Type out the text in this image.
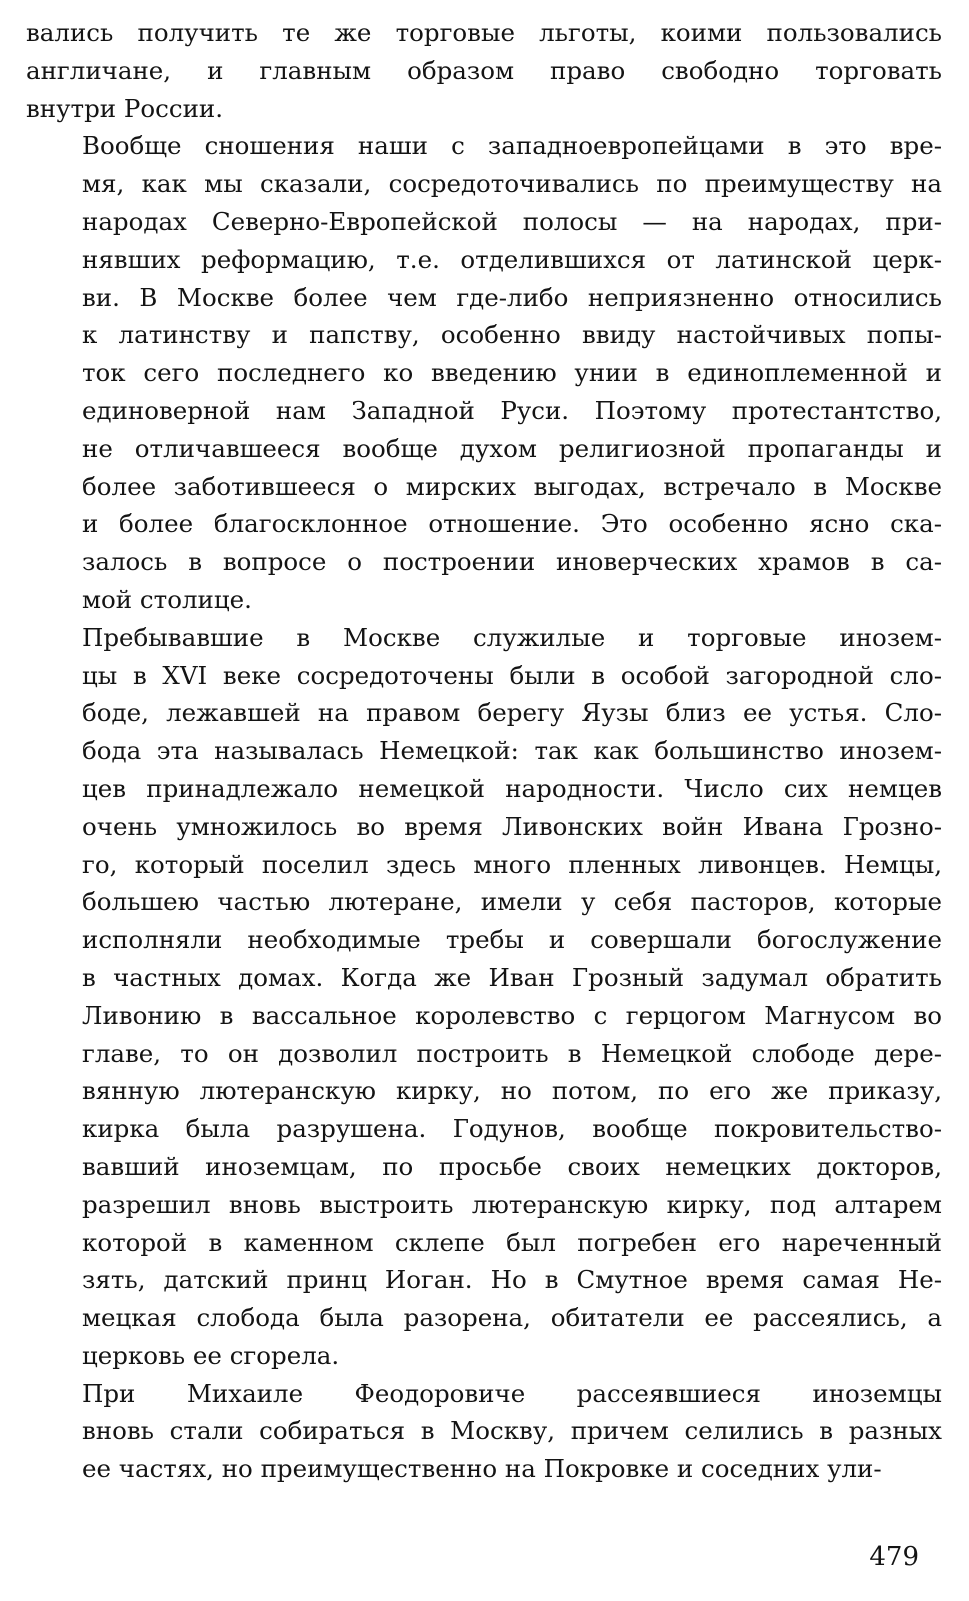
вались получить те же торговые льготы, коими пользовались
англичане, и главным образом право свободно торговать
внутри России.

Вообще сношения наши с западноевропейцами в это вре-
мя, как мы сказали, сосредоточивались по преимуществу на
народах Северно-Европейской полосы — на народах, при-
нявших реформацию, т.е. отделившихся от латинской церк-
ви. В Москве более чем где-либо неприязненно относились
к латинству и папству, особенно ввиду настойчивых попы-
ток сего последнего ко введению унии в единоплеменной и
единоверной нам Западной Руси. Поэтому протестантство,
не отличавшееся вообще духом религиозной пропаганды и
более заботившееся о мирских выгодах, встречало в Москве
и более благосклонное отношение. Это особенно ясно ска-
залось в вопросе о построении иноверческих храмов в са-
мой столице.

Пребывавшие в Москве служилые и торговые инозем-
цы в XVI веке сосредоточены были в особой загородной сло-
боде, лежавшей на правом берегу Яузы близ ее устья. Сло-
бода эта называлась Немецкой: так как большинство инозем-
цев принадлежало немецкой народности. Число сих немцев
очень умножилось во время Ливонских войн Ивана Грозно-
го, который поселил здесь много пленных ливонцев. Немцы,
большею частью лютеране, имели у себя пасторов, которые
исполняли необходимые требы и совершали богослужение
в частных домах. Когда же Иван Грозный задумал обратить
Ливонию в вассальное королевство с герцогом Магнусом во
главе, то он дозволил построить в Немецкой слободе дере-
вянную лютеранскую кирку, но потом, по его же приказу,
кирка была разрушена. Годунов, вообще покровительство-
вавший иноземцам, по просьбе своих немецких докторов,
разрешил вновь выстроить лютеранскую кирку, под алтарем
которой в каменном склепе был погребен его нареченный
зять, датский принц Иоган. Но в Смутное время самая Не-
мецкая слобода была разорена, обитатели ее рассеялись, а
церковь ее сгорела.

При Михаиле Феодоровиче рассеявшиеся иноземцы
вновь стали собираться в Москву, причем селились в разных
ее частях, но преимущественно на Покровке и соседних ули-

479
